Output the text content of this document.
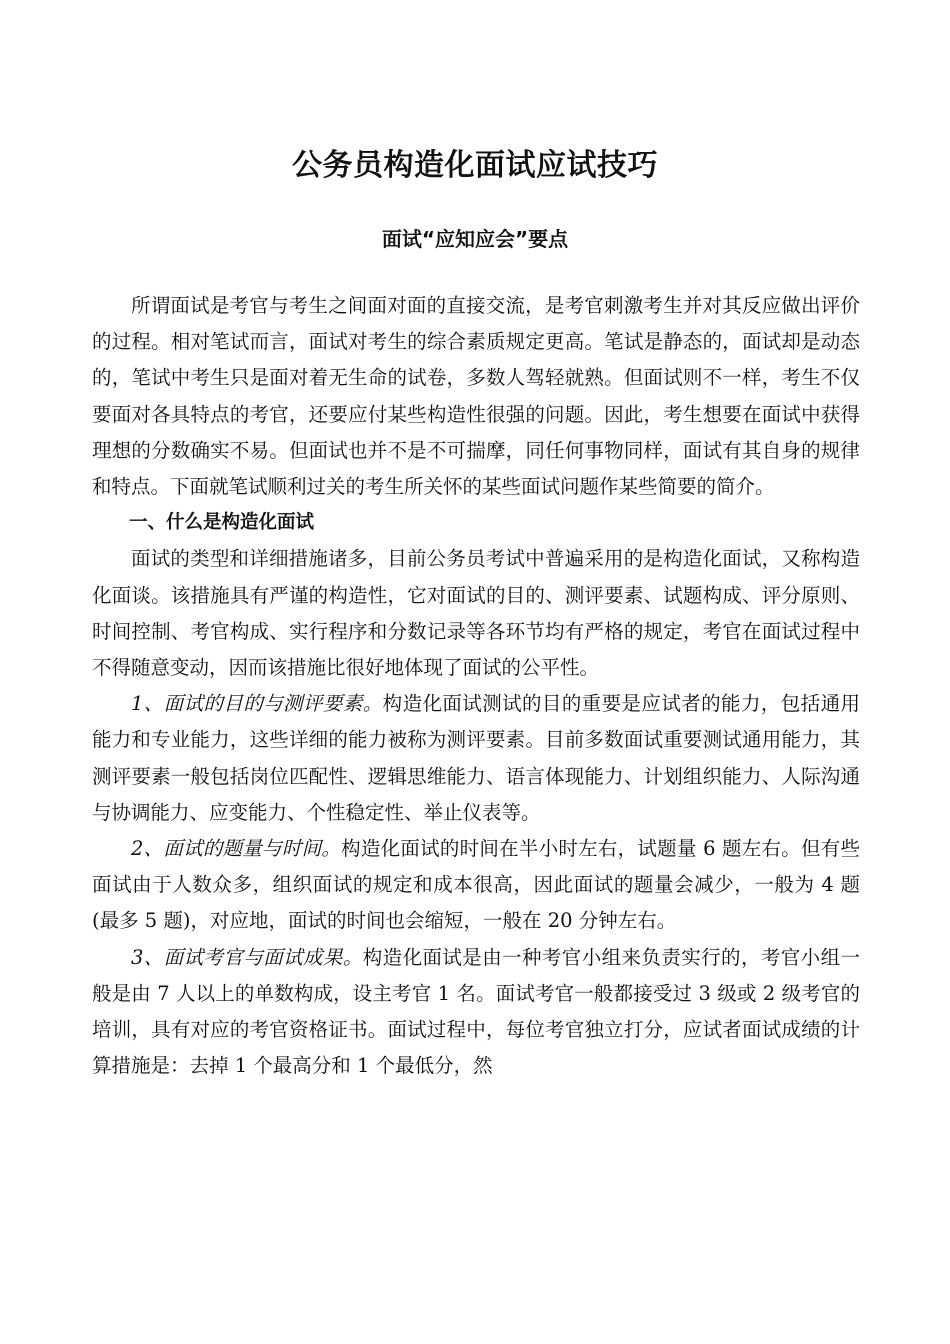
公务员构造化面试应试技巧
面试“应知应会”要点

所谓面试是考官与考生之间面对面的直接交流，是考官刺激考生并对其反应做出评价的过程。相对笔试而言，面试对考生的综合素质规定更高。笔试是静态的，面试却是动态的，笔试中考生只是面对着无生命的试卷，多数人驾轻就熟。但面试则不一样，考生不仅要面对各具特点的考官，还要应付某些构造性很强的问题。因此，考生想要在面试中获得理想的分数确实不易。但面试也并不是不可揣摩，同任何事物同样，面试有其自身的规律和特点。下面就笔试顺利过关的考生所关怀的某些面试问题作某些简要的简介。

一、什么是构造化面试

面试的类型和详细措施诸多，目前公务员考试中普遍采用的是构造化面试，又称构造化面谈。该措施具有严谨的构造性，它对面试的目的、测评要素、试题构成、评分原则、时间控制、考官构成、实行程序和分数记录等各环节均有严格的规定，考官在面试过程中不得随意变动，因而该措施比很好地体现了面试的公平性。

1、面试的目的与测评要素。构造化面试测试的目的重要是应试者的能力，包括通用能力和专业能力，这些详细的能力被称为测评要素。目前多数面试重要测试通用能力，其测评要素一般包括岗位匹配性、逻辑思维能力、语言体现能力、计划组织能力、人际沟通与协调能力、应变能力、个性稳定性、举止仪表等。

2、面试的题量与时间。构造化面试的时间在半小时左右，试题量 6 题左右。但有些面试由于人数众多，组织面试的规定和成本很高，因此面试的题量会减少，一般为 4 题(最多 5 题)，对应地，面试的时间也会缩短，一般在 20 分钟左右。

3、面试考官与面试成果。构造化面试是由一种考官小组来负责实行的，考官小组一般是由 7 人以上的单数构成，设主考官 1 名。面试考官一般都接受过 3 级或 2 级考官的培训，具有对应的考官资格证书。面试过程中，每位考官独立打分，应试者面试成绩的计算措施是：去掉 1 个最高分和 1 个最低分，然
